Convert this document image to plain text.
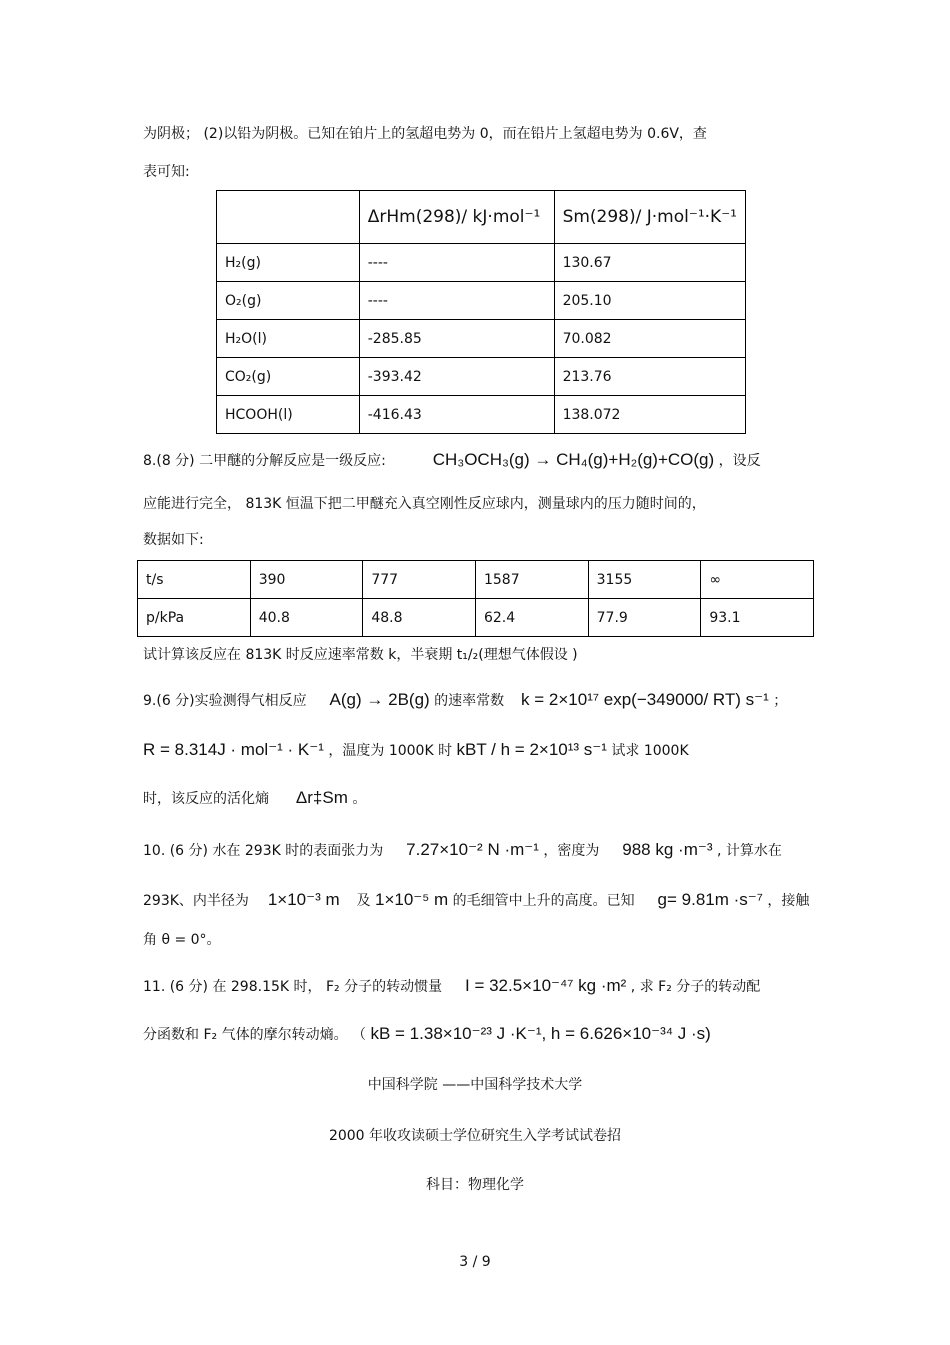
为阴极； (2)以铅为阴极。已知在铂片上的氢超电势为 0，而在铅片上氢超电势为 0.6V，查
表可知:
	ΔrHm(298)/ kJ·mol⁻¹	Sm(298)/ J·mol⁻¹·K⁻¹
H₂(g)	----	130.67
O₂(g)	----	205.10
H₂O(l)	-285.85	70.082
CO₂(g)	-393.42	213.76
HCOOH(l)	-416.43	138.072
8.(8 分) 二甲醚的分解反应是一级反应:	CH₃OCH₃(g) → CH₄(g)+H₂(g)+CO(g) ，设反
应能进行完全， 813K 恒温下把二甲醚充入真空刚性反应球内，测量球内的压力随时间的，
数据如下:
t/s	390	777	1587	3155	∞
p/kPa	40.8	48.8	62.4	77.9	93.1
试计算该反应在 813K 时反应速率常数 k，半衰期 t₁/₂(理想气体假设 )
9.(6 分)实验测得气相反应 A(g) → 2B(g) 的速率常数 k = 2×10¹⁷ exp(−349000/ RT) s⁻¹ ；
R = 8.314J · mol⁻¹ · K⁻¹ ，温度为 1000K 时 kBT / h = 2×10¹³ s⁻¹ 试求 1000K
时，该反应的活化熵 Δr‡Sm 。
10. (6 分) 水在 293K 时的表面张力为 7.27×10⁻² N ·m⁻¹ ，密度为 988 kg ·m⁻³ , 计算水在
293K、内半径为 1×10⁻³ m 及 1×10⁻⁵ m 的毛细管中上升的高度。已知 g= 9.81m ·s⁻⁷ ，接触
角 θ = 0°。
11. (6 分) 在 298.15K 时， F₂ 分子的转动惯量 I = 32.5×10⁻⁴⁷ kg ·m² , 求 F₂ 分子的转动配
分函数和 F₂ 气体的摩尔转动熵。 （ kB = 1.38×10⁻²³ J ·K⁻¹, h = 6.626×10⁻³⁴ J ·s)
中国科学院 ——中国科学技术大学
2000 年收攻读硕士学位研究生入学考试试卷招
科目：物理化学
3 / 9
